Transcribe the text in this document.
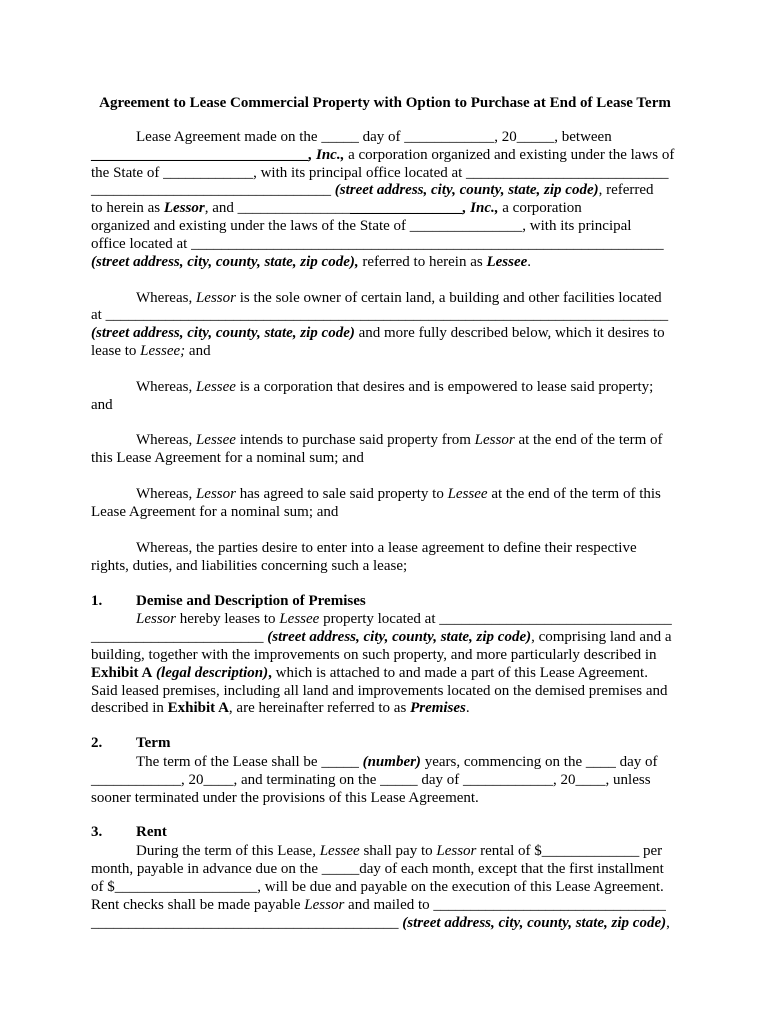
Agreement to Lease Commercial Property with Option to Purchase at End of Lease Term
Lease Agreement made on the _____ day of ____________, 20_____, between
_____________________________, Inc., a corporation organized and existing under the laws of
the State of ____________, with its principal office located at ___________________________
________________________________ (street address, city, county, state, zip code), referred
to herein as Lessor, and ______________________________, Inc., a corporation
organized and existing under the laws of the State of _______________, with its principal
office located at _______________________________________________________________
(street address, city, county, state, zip code), referred to herein as Lessee.
Whereas, Lessor is the sole owner of certain land, a building and other facilities located
at ___________________________________________________________________________
(street address, city, county, state, zip code) and more fully described below, which it desires to
lease to Lessee; and
Whereas, Lessee is a corporation that desires and is empowered to lease said property;
and
Whereas, Lessee intends to purchase said property from Lessor at the end of the term of
this Lease Agreement for a nominal sum; and
Whereas, Lessor has agreed to sale said property to Lessee at the end of the term of this
Lease Agreement for a nominal sum; and
Whereas, the parties desire to enter into a lease agreement to define their respective
rights, duties, and liabilities concerning such a lease;
1. Demise and Description of Premises
Lessor hereby leases to Lessee property located at _______________________________
_______________________ (street address, city, county, state, zip code), comprising land and a
building, together with the improvements on such property, and more particularly described in
Exhibit A (legal description), which is attached to and made a part of this Lease Agreement.
Said leased premises, including all land and improvements located on the demised premises and
described in Exhibit A, are hereinafter referred to as Premises.
2. Term
The term of the Lease shall be _____ (number) years, commencing on the ____ day of
____________, 20____, and terminating on the _____ day of ____________, 20____, unless
sooner terminated under the provisions of this Lease Agreement.
3. Rent
During the term of this Lease, Lessee shall pay to Lessor rental of $_____________ per
month, payable in advance due on the _____day of each month, except that the first installment
of $___________________, will be due and payable on the execution of this Lease Agreement.
Rent checks shall be made payable Lessor and mailed to _______________________________
_________________________________________ (street address, city, county, state, zip code),
